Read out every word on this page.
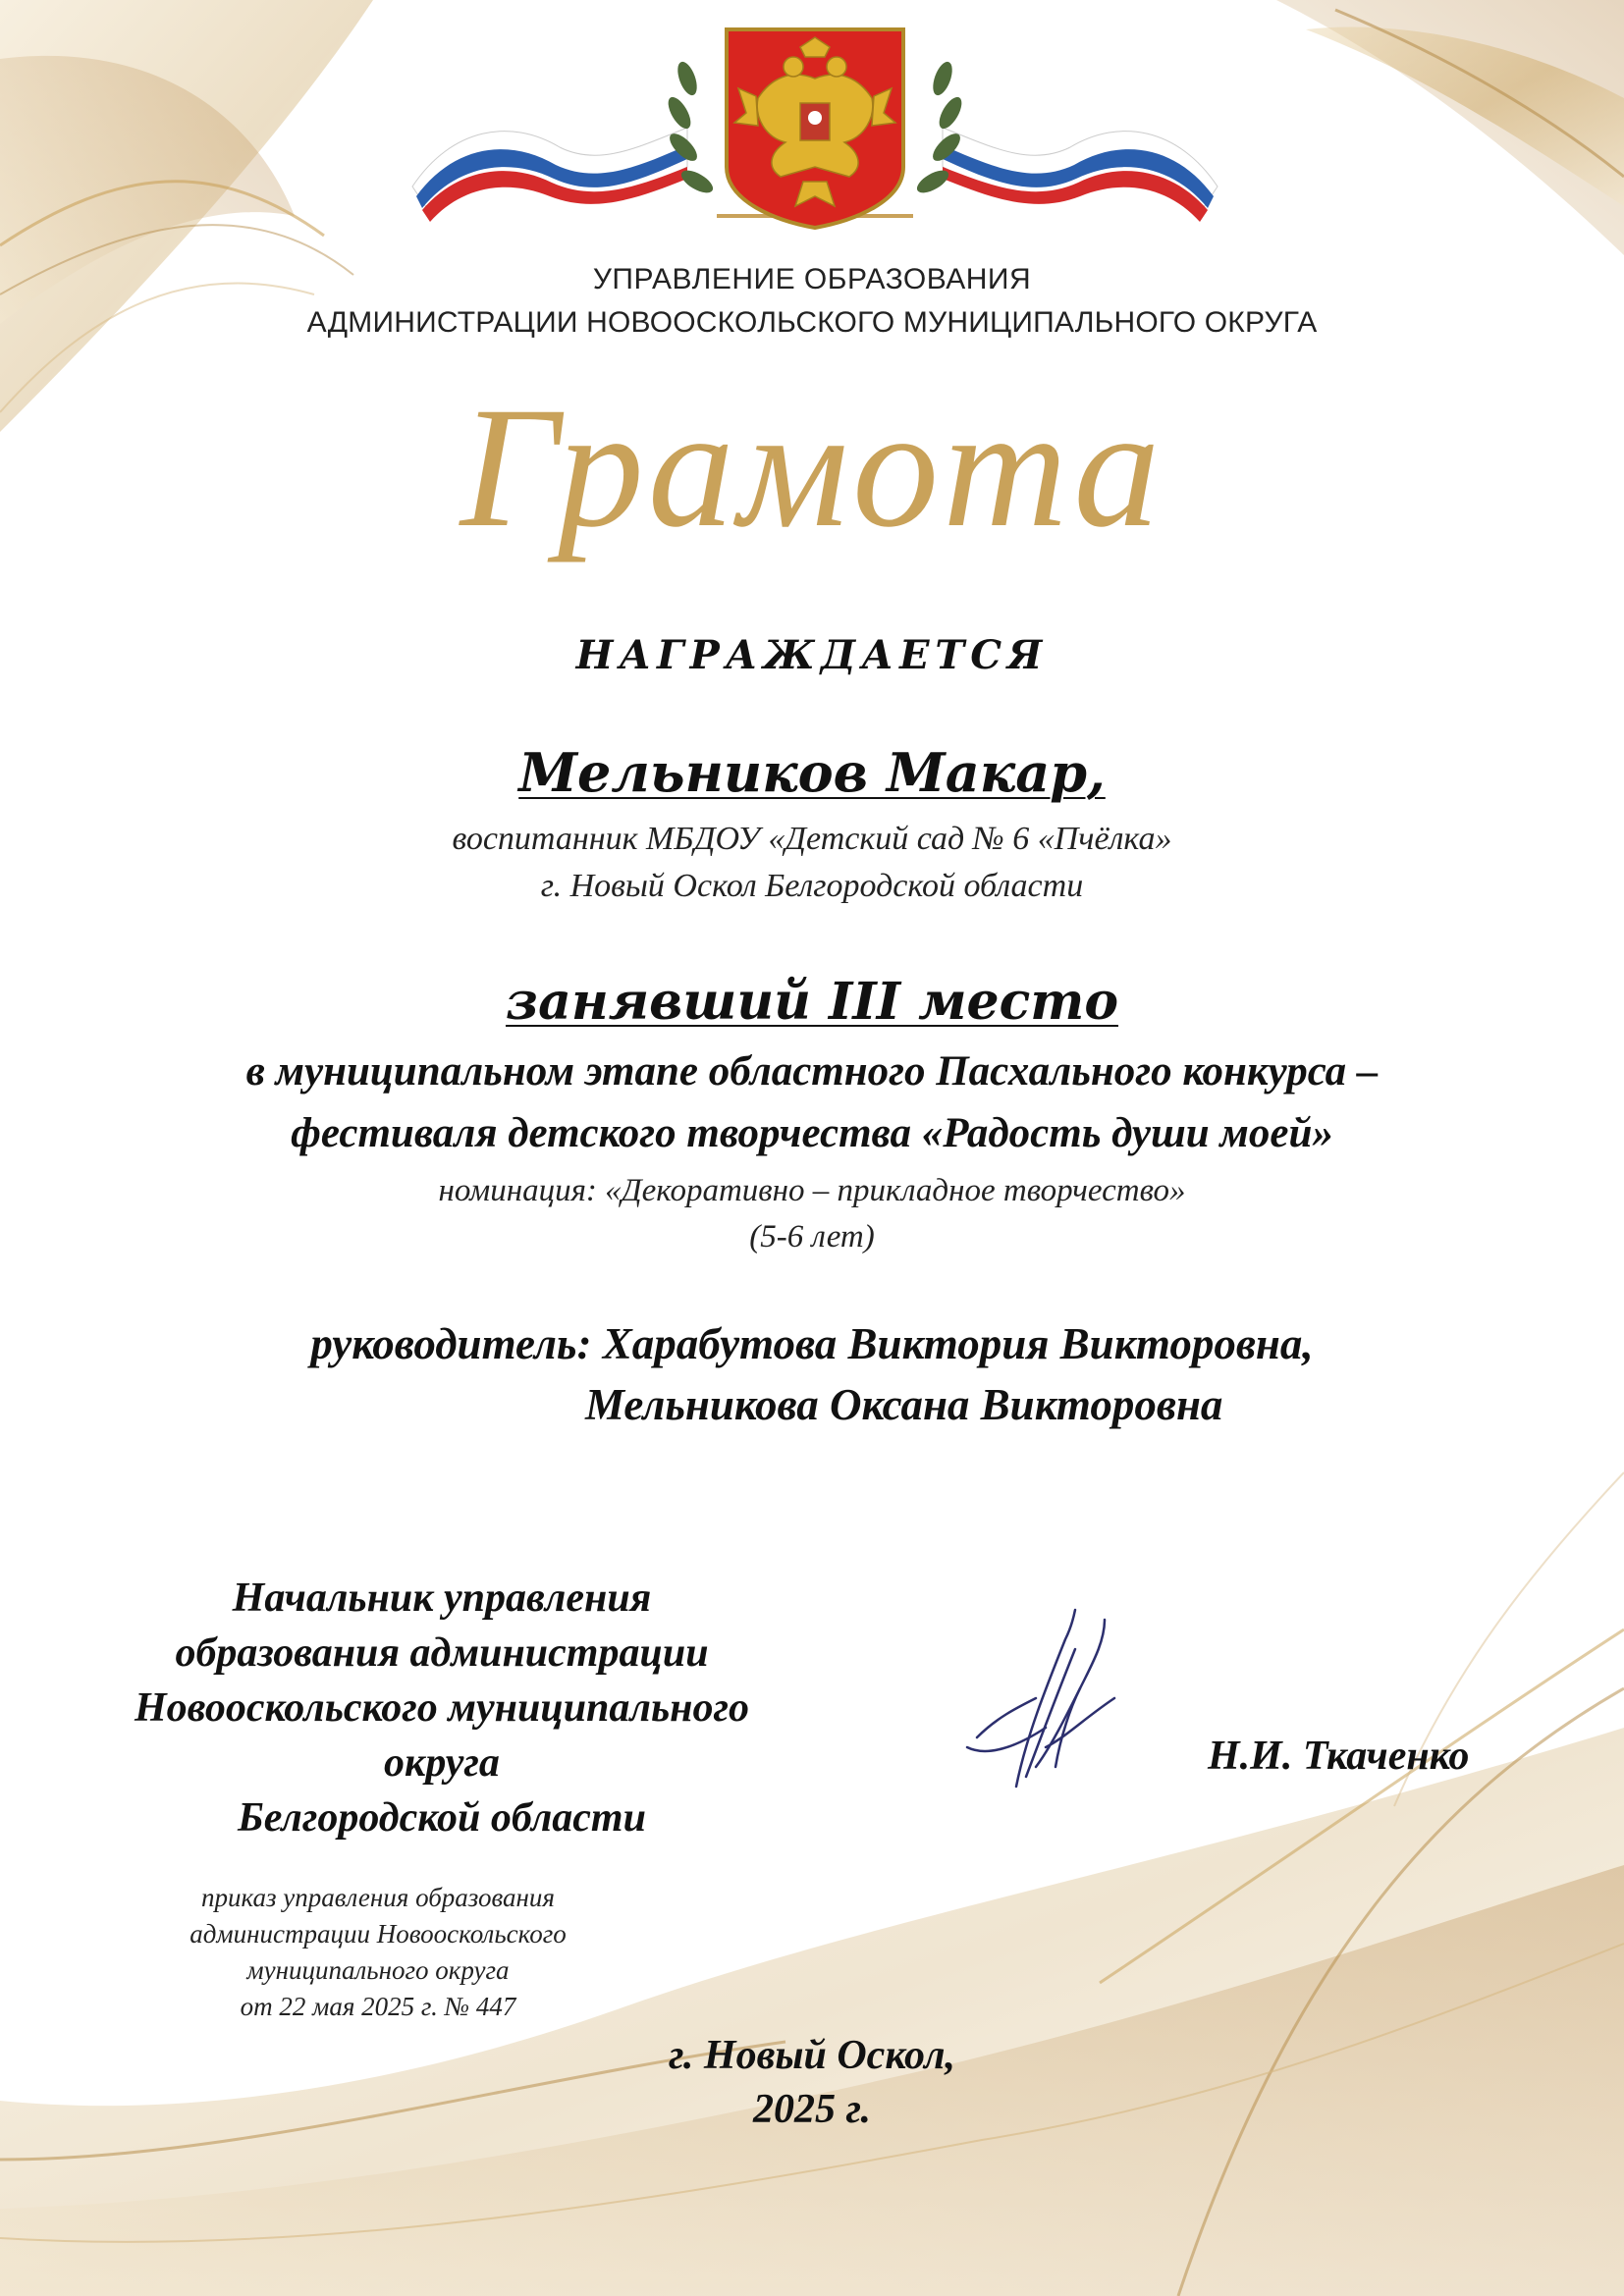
УПРАВЛЕНИЕ ОБРАЗОВАНИЯ
АДМИНИСТРАЦИИ НОВООСКОЛЬСКОГО МУНИЦИПАЛЬНОГО ОКРУГА
Грамота
НАГРАЖДАЕТСЯ
Мельников Макар,
воспитанник МБДОУ «Детский сад № 6 «Пчёлка»
г. Новый Оскол Белгородской области
занявший III место
в муниципальном этапе областного Пасхального конкурса –
фестиваля детского творчества «Радость души моей»
номинация: «Декоративно – прикладное творчество»
(5-6 лет)
руководитель: Харабутова Виктория Викторовна,
Мельникова Оксана Викторовна
Начальник управления
образования администрации
Новооскольского муниципального округа
Белгородской области
Н.И. Ткаченко
приказ управления образования
администрации Новооскольского
муниципального округа
от 22 мая 2025 г. № 447
г. Новый Оскол,
2025 г.
